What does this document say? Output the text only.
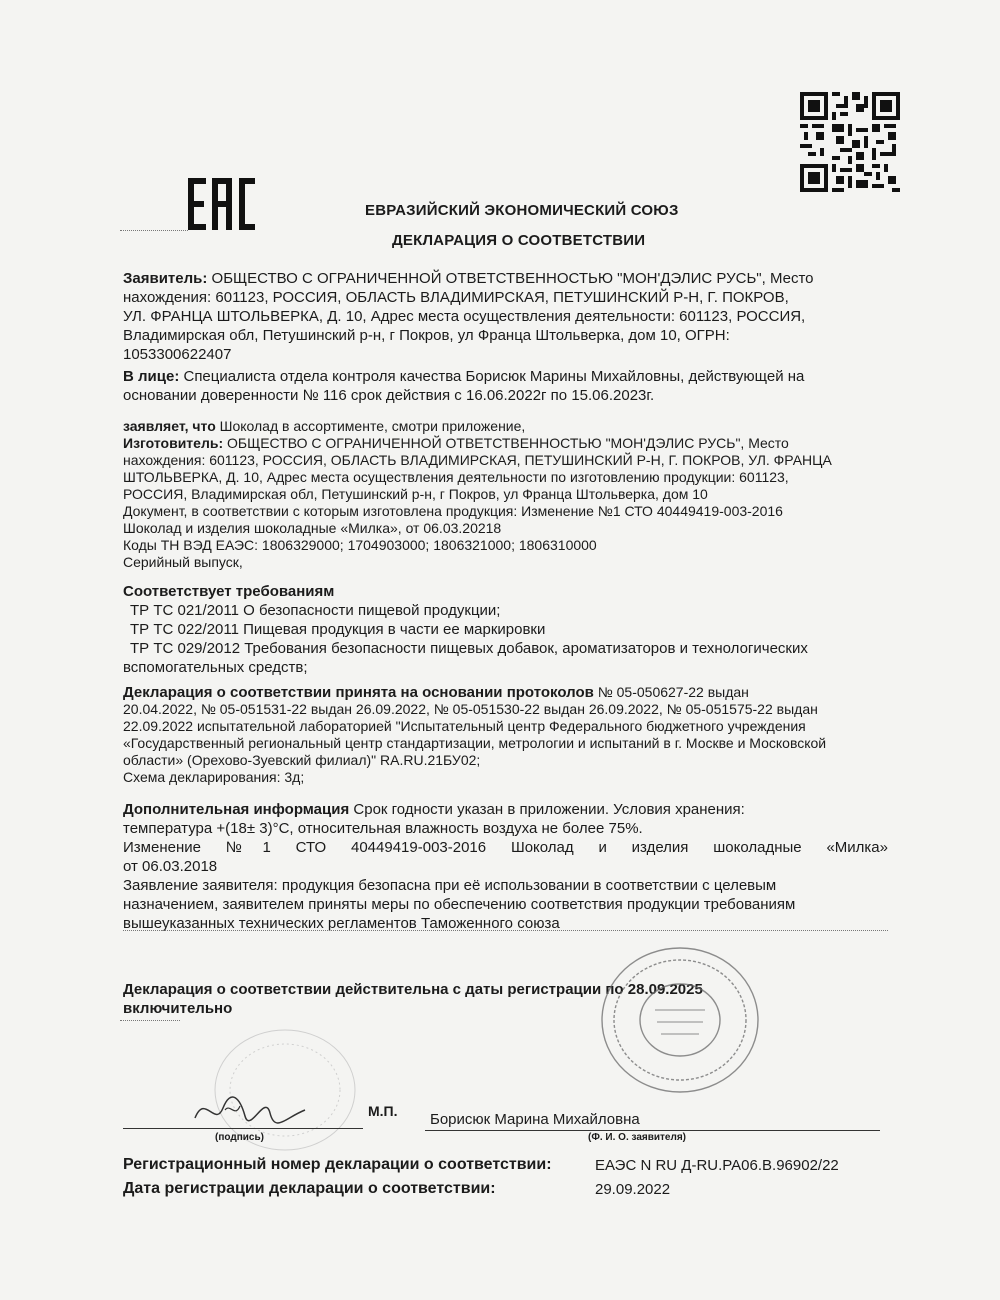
ЕВРАЗИЙСКИЙ ЭКОНОМИЧЕСКИЙ СОЮЗ
ДЕКЛАРАЦИЯ О СООТВЕТСТВИИ
Заявитель: ОБЩЕСТВО С ОГРАНИЧЕННОЙ ОТВЕТСТВЕННОСТЬЮ "МОН'ДЭЛИС РУСЬ", Место
нахождения: 601123, РОССИЯ, ОБЛАСТЬ ВЛАДИМИРСКАЯ, ПЕТУШИНСКИЙ Р-Н, Г. ПОКРОВ,
УЛ. ФРАНЦА ШТОЛЬВЕРКА, Д. 10, Адрес места осуществления деятельности: 601123, РОССИЯ,
Владимирская обл, Петушинский р-н, г Покров, ул Франца Штольверка, дом 10, ОГРН:
1053300622407
В лице: Специалиста отдела контроля качества Борисюк Марины Михайловны, действующей на
основании доверенности № 116 срок действия с 16.06.2022г по 15.06.2023г.
заявляет, что Шоколад в ассортименте, смотри приложение,
Изготовитель: ОБЩЕСТВО С ОГРАНИЧЕННОЙ ОТВЕТСТВЕННОСТЬЮ "МОН'ДЭЛИС РУСЬ", Место
нахождения: 601123, РОССИЯ, ОБЛАСТЬ ВЛАДИМИРСКАЯ, ПЕТУШИНСКИЙ Р-Н, Г. ПОКРОВ, УЛ. ФРАНЦА
ШТОЛЬВЕРКА, Д. 10, Адрес места осуществления деятельности по изготовлению продукции: 601123,
РОССИЯ, Владимирская обл, Петушинский р-н, г Покров, ул Франца Штольверка, дом 10
Документ, в соответствии с которым изготовлена продукция: Изменение №1 СТО 40449419-003-2016
Шоколад и изделия шоколадные «Милка», от 06.03.20218
Коды ТН ВЭД ЕАЭС: 1806329000; 1704903000; 1806321000; 1806310000
Серийный выпуск,
Соответствует требованиям
ТР ТС 021/2011 О безопасности пищевой продукции;
ТР ТС 022/2011 Пищевая продукция в части ее маркировки
ТР ТС 029/2012 Требования безопасности пищевых добавок, ароматизаторов и технологических
вспомогательных средств;
Декларация о соответствии принята на основании протоколов № 05-050627-22 выдан
20.04.2022, № 05-051531-22 выдан 26.09.2022, № 05-051530-22 выдан 26.09.2022, № 05-051575-22 выдан
22.09.2022 испытательной лабораторией "Испытательный центр Федерального бюджетного учреждения
«Государственный региональный центр стандартизации, метрологии и испытаний в г. Москве и Московской
области» (Орехово-Зуевский филиал)" RA.RU.21БУ02;
Схема декларирования: 3д;
Дополнительная информация Срок годности указан в приложении. Условия хранения:
температура +(18± 3)°С, относительная влажность воздуха не более 75%.
Изменение №1 СТО 40449419-003-2016 Шоколад и изделия шоколадные «Милка»
от 06.03.2018
Заявление заявителя: продукция безопасна при её использовании в соответствии с целевым
назначением, заявителем приняты меры по обеспечению соответствия продукции требованиям
вышеуказанных технических регламентов Таможенного союза
Декларация о соответствии действительна с даты регистрации по 28.09.2025
включительно
М.П. Борисюк Марина Михайловна
(подпись)	(Ф. И. О. заявителя)
Регистрационный номер декларации о соответствии:	ЕАЭС N RU Д-RU.PA06.B.96902/22
Дата регистрации декларации о соответствии:	29.09.2022
